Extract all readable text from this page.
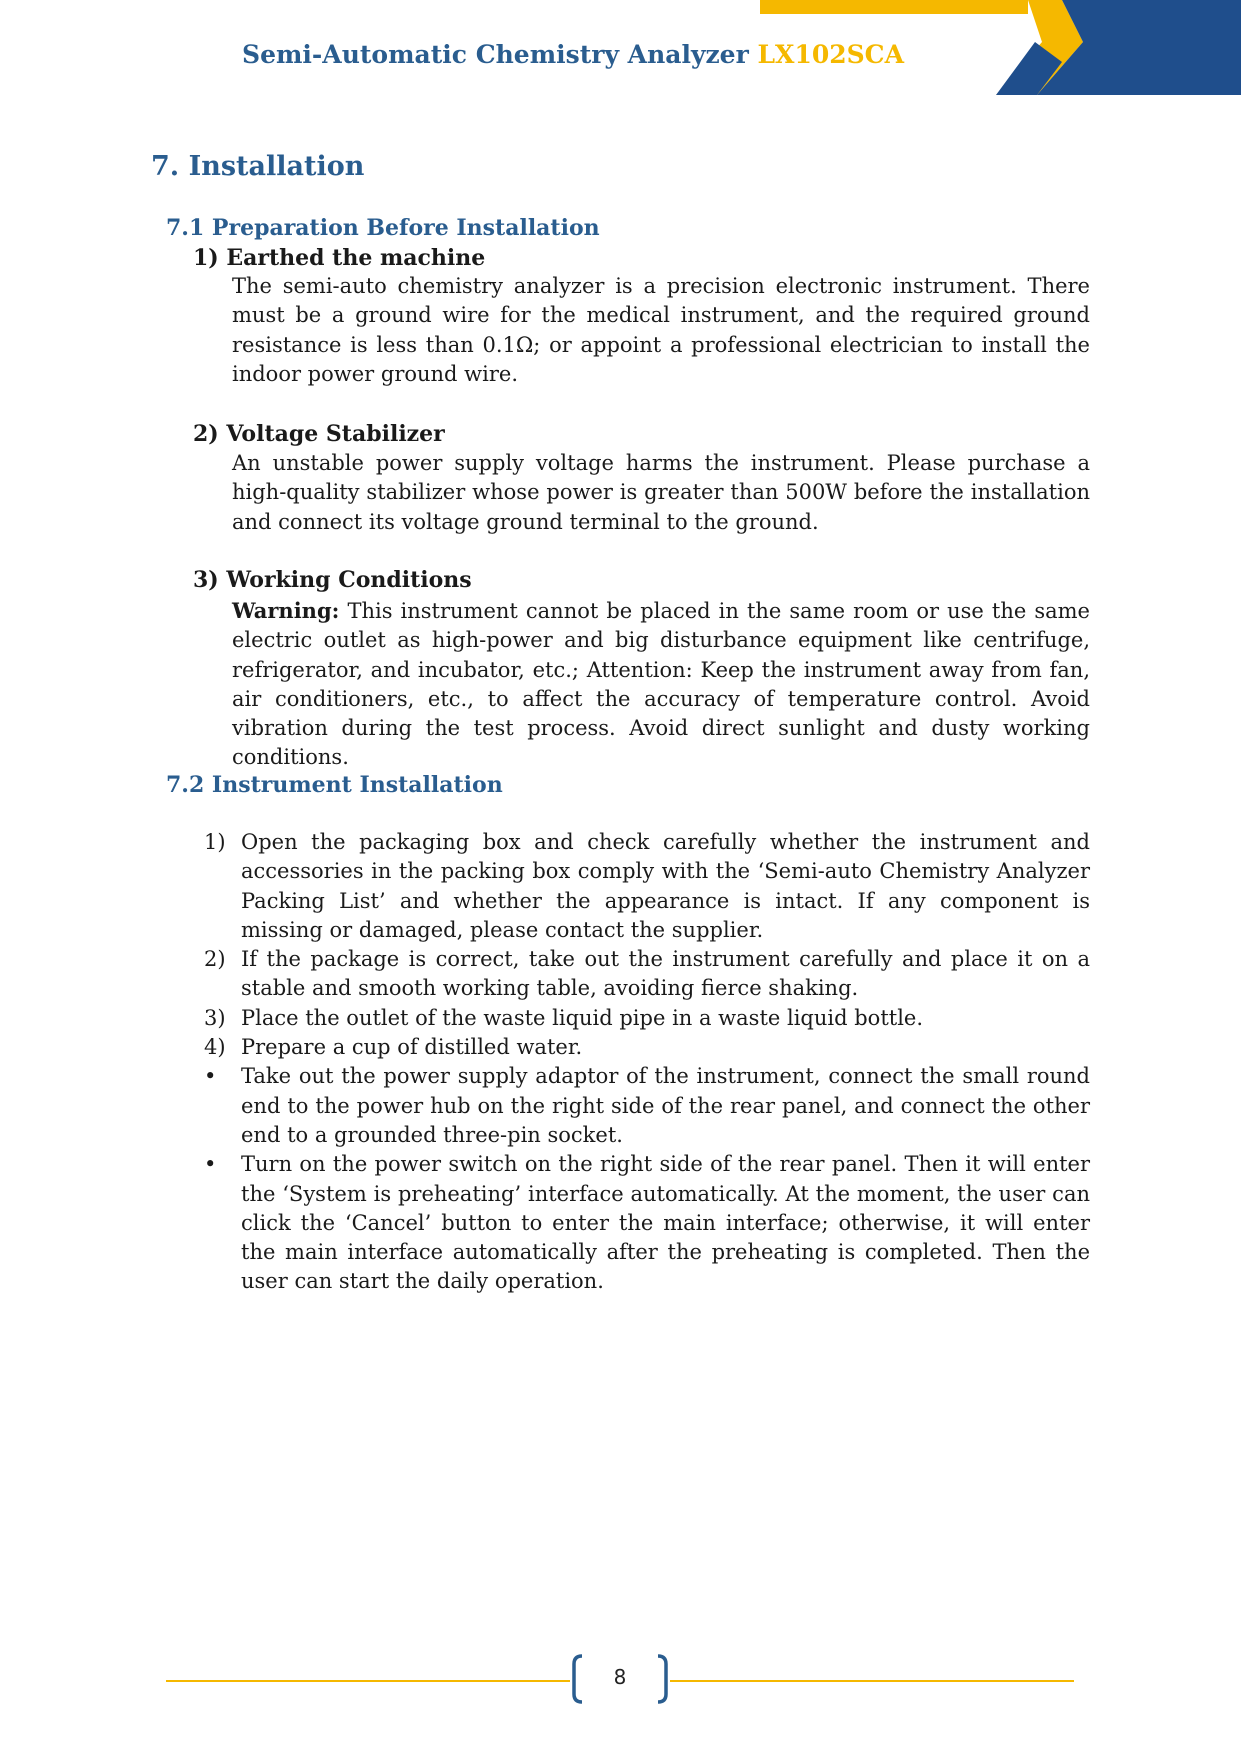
Semi-Automatic Chemistry Analyzer LX102SCA
7. Installation
7.1 Preparation Before Installation
1) Earthed the machine
The semi-auto chemistry analyzer is a precision electronic instrument. There must be a ground wire for the medical instrument, and the required ground resistance is less than 0.1Ω; or appoint a professional electrician to install the indoor power ground wire.
2) Voltage Stabilizer
An unstable power supply voltage harms the instrument. Please purchase a high-quality stabilizer whose power is greater than 500W before the installation and connect its voltage ground terminal to the ground.
3) Working Conditions
Warning: This instrument cannot be placed in the same room or use the same electric outlet as high-power and big disturbance equipment like centrifuge, refrigerator, and incubator, etc.; Attention: Keep the instrument away from fan, air conditioners, etc., to affect the accuracy of temperature control. Avoid vibration during the test process. Avoid direct sunlight and dusty working conditions.
7.2 Instrument Installation
1) Open the packaging box and check carefully whether the instrument and accessories in the packing box comply with the ‘Semi-auto Chemistry Analyzer Packing List’ and whether the appearance is intact. If any component is missing or damaged, please contact the supplier.
2) If the package is correct, take out the instrument carefully and place it on a stable and smooth working table, avoiding fierce shaking.
3) Place the outlet of the waste liquid pipe in a waste liquid bottle.
4) Prepare a cup of distilled water.
• Take out the power supply adaptor of the instrument, connect the small round end to the power hub on the right side of the rear panel, and connect the other end to a grounded three-pin socket.
• Turn on the power switch on the right side of the rear panel. Then it will enter the ‘System is preheating’ interface automatically. At the moment, the user can click the ‘Cancel’ button to enter the main interface; otherwise, it will enter the main interface automatically after the preheating is completed. Then the user can start the daily operation.
8
